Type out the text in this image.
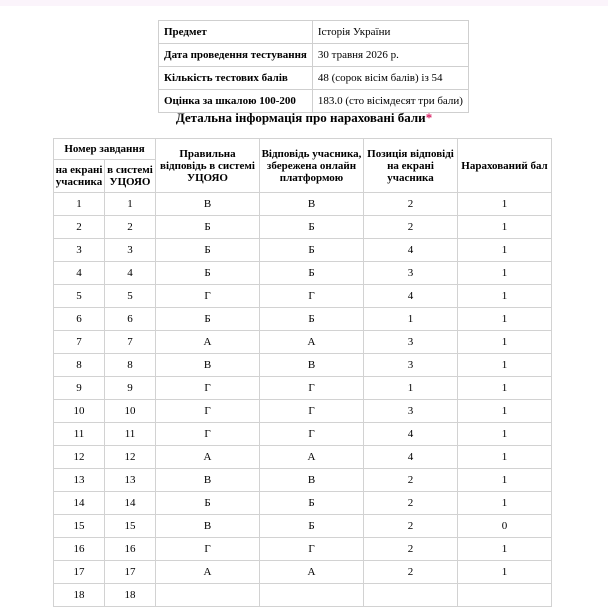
Предмет	Історія України
Дата проведення тестування	30 травня 2026 р.
Кількість тестових балів	48 (сорок вісім балів) із 54
Оцінка за шкалою 100-200	183.0 (сто вісімдесят три бали)
Детальна інформація про нараховані бали*
Номер завдання		Правильна відповідь в системі УЦОЯО	Відповідь учасника, збережена онлайн платформою	Позиція відповіді на екрані учасника	Нарахований бал
на екрані учасника	в системі УЦОЯО				
1	1	В	В	2	1
2	2	Б	Б	2	1
3	3	Б	Б	4	1
4	4	Б	Б	3	1
5	5	Г	Г	4	1
6	6	Б	Б	1	1
7	7	А	А	3	1
8	8	В	В	3	1
9	9	Г	Г	1	1
10	10	Г	Г	3	1
11	11	Г	Г	4	1
12	12	А	А	4	1
13	13	В	В	2	1
14	14	Б	Б	2	1
15	15	В	Б	2	0
16	16	Г	Г	2	1
17	17	А	А	2	1
18	18				
